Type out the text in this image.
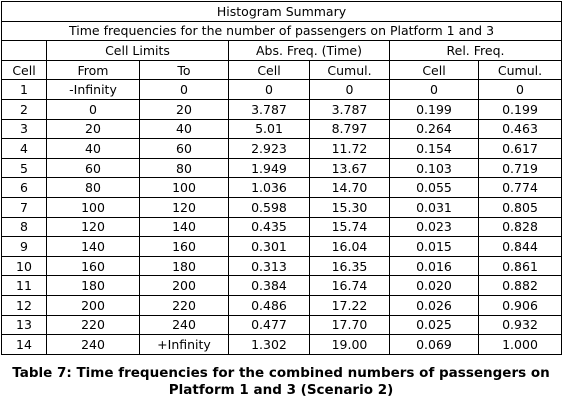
Histogram Summary						
Time frequencies for the number of passengers on Platform 1 and 3						
	Cell Limits		Abs. Freq. (Time)		Rel. Freq.	
Cell	From	To	Cell	Cumul.	Cell	Cumul.
1	-Infinity	0	0	0	0	0
2	0	20	3.787	3.787	0.199	0.199
3	20	40	5.01	8.797	0.264	0.463
4	40	60	2.923	11.72	0.154	0.617
5	60	80	1.949	13.67	0.103	0.719
6	80	100	1.036	14.70	0.055	0.774
7	100	120	0.598	15.30	0.031	0.805
8	120	140	0.435	15.74	0.023	0.828
9	140	160	0.301	16.04	0.015	0.844
10	160	180	0.313	16.35	0.016	0.861
11	180	200	0.384	16.74	0.020	0.882
12	200	220	0.486	17.22	0.026	0.906
13	220	240	0.477	17.70	0.025	0.932
14	240	+Infinity	1.302	19.00	0.069	1.000
Table 7: Time frequencies for the combined numbers of passengers on
Platform 1 and 3 (Scenario 2)
